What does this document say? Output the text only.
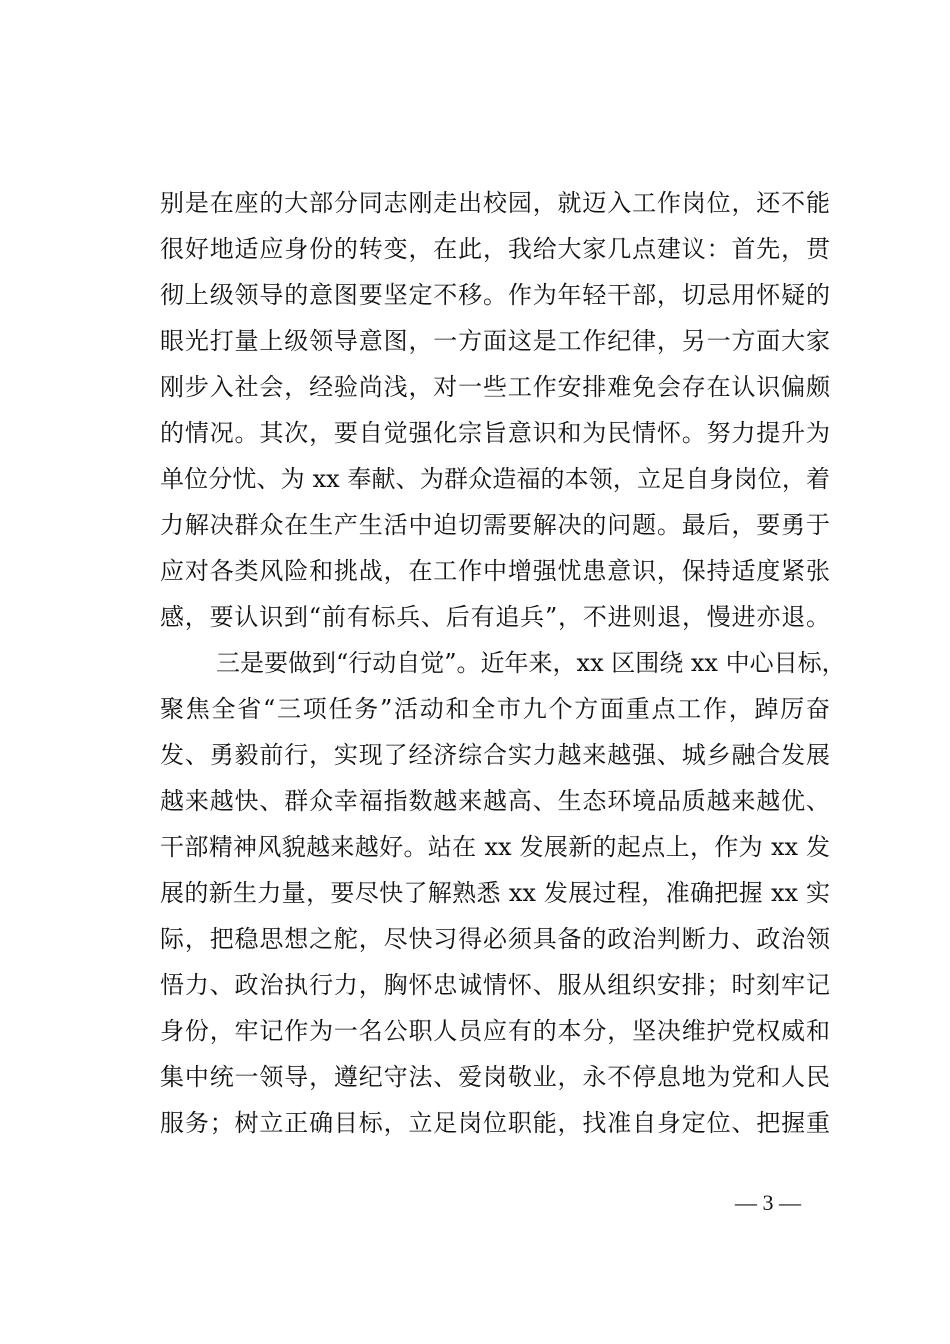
别是在座的大部分同志刚走出校园，就迈入工作岗位，还不能
很好地适应身份的转变，在此，我给大家几点建议：首先，贯
彻上级领导的意图要坚定不移。作为年轻干部，切忌用怀疑的
眼光打量上级领导意图，一方面这是工作纪律，另一方面大家
刚步入社会，经验尚浅，对一些工作安排难免会存在认识偏颇
的情况。其次，要自觉强化宗旨意识和为民情怀。努力提升为
单位分忧、为 xx 奉献、为群众造福的本领，立足自身岗位，着
力解决群众在生产生活中迫切需要解决的问题。最后，要勇于
应对各类风险和挑战，在工作中增强忧患意识，保持适度紧张
感，要认识到“前有标兵、后有追兵”，不进则退，慢进亦退。
三是要做到“行动自觉”。近年来，xx 区围绕 xx 中心目标，
聚焦全省“三项任务”活动和全市九个方面重点工作，踔厉奋
发、勇毅前行，实现了经济综合实力越来越强、城乡融合发展
越来越快、群众幸福指数越来越高、生态环境品质越来越优、
干部精神风貌越来越好。站在 xx 发展新的起点上，作为 xx 发
展的新生力量，要尽快了解熟悉 xx 发展过程，准确把握 xx 实
际，把稳思想之舵，尽快习得必须具备的政治判断力、政治领
悟力、政治执行力，胸怀忠诚情怀、服从组织安排；时刻牢记
身份，牢记作为一名公职人员应有的本分，坚决维护党权威和
集中统一领导，遵纪守法、爱岗敬业，永不停息地为党和人民
服务；树立正确目标，立足岗位职能，找准自身定位、把握重
— 3 —
